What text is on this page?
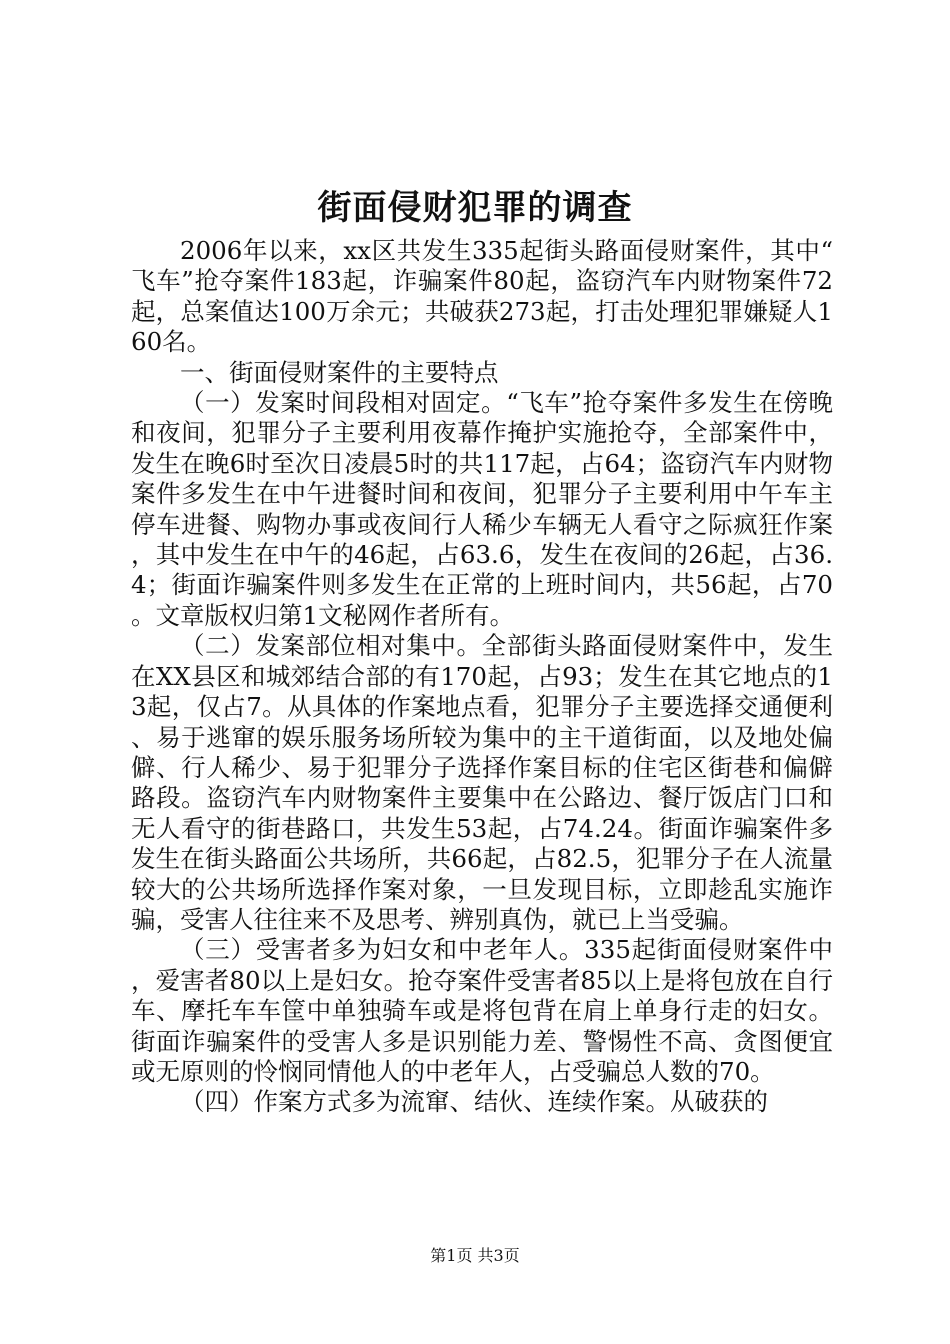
街面侵财犯罪的调查

2006年以来，xx区共发生335起街头路面侵财案件，其中“飞车”抢夺案件183起，诈骗案件80起，盗窃汽车内财物案件72起，总案值达100万余元；共破获273起，打击处理犯罪嫌疑人160名。

一、街面侵财案件的主要特点

（一）发案时间段相对固定。“飞车”抢夺案件多发生在傍晚和夜间，犯罪分子主要利用夜幕作掩护实施抢夺，全部案件中，发生在晚6时至次日凌晨5时的共117起，占64；盗窃汽车内财物案件多发生在中午进餐时间和夜间，犯罪分子主要利用中午车主停车进餐、购物办事或夜间行人稀少车辆无人看守之际疯狂作案，其中发生在中午的46起，占63.6，发生在夜间的26起，占36.4；街面诈骗案件则多发生在正常的上班时间内，共56起，占70。文章版权归第1文秘网作者所有。

（二）发案部位相对集中。全部街头路面侵财案件中，发生在XX县区和城郊结合部的有170起，占93；发生在其它地点的13起，仅占7。从具体的作案地点看，犯罪分子主要选择交通便利、易于逃窜的娱乐服务场所较为集中的主干道街面，以及地处偏僻、行人稀少、易于犯罪分子选择作案目标的住宅区街巷和偏僻路段。盗窃汽车内财物案件主要集中在公路边、餐厅饭店门口和无人看守的街巷路口，共发生53起，占74.24。街面诈骗案件多发生在街头路面公共场所，共66起，占82.5，犯罪分子在人流量较大的公共场所选择作案对象，一旦发现目标，立即趁乱实施诈骗，受害人往往来不及思考、辨别真伪，就已上当受骗。

（三）受害者多为妇女和中老年人。335起街面侵财案件中，爱害者80以上是妇女。抢夺案件受害者85以上是将包放在自行车、摩托车车筐中单独骑车或是将包背在肩上单身行走的妇女。街面诈骗案件的受害人多是识别能力差、警惕性不高、贪图便宜或无原则的怜悯同情他人的中老年人，占受骗总人数的70。

（四）作案方式多为流窜、结伙、连续作案。从破获的

第1页 共3页
